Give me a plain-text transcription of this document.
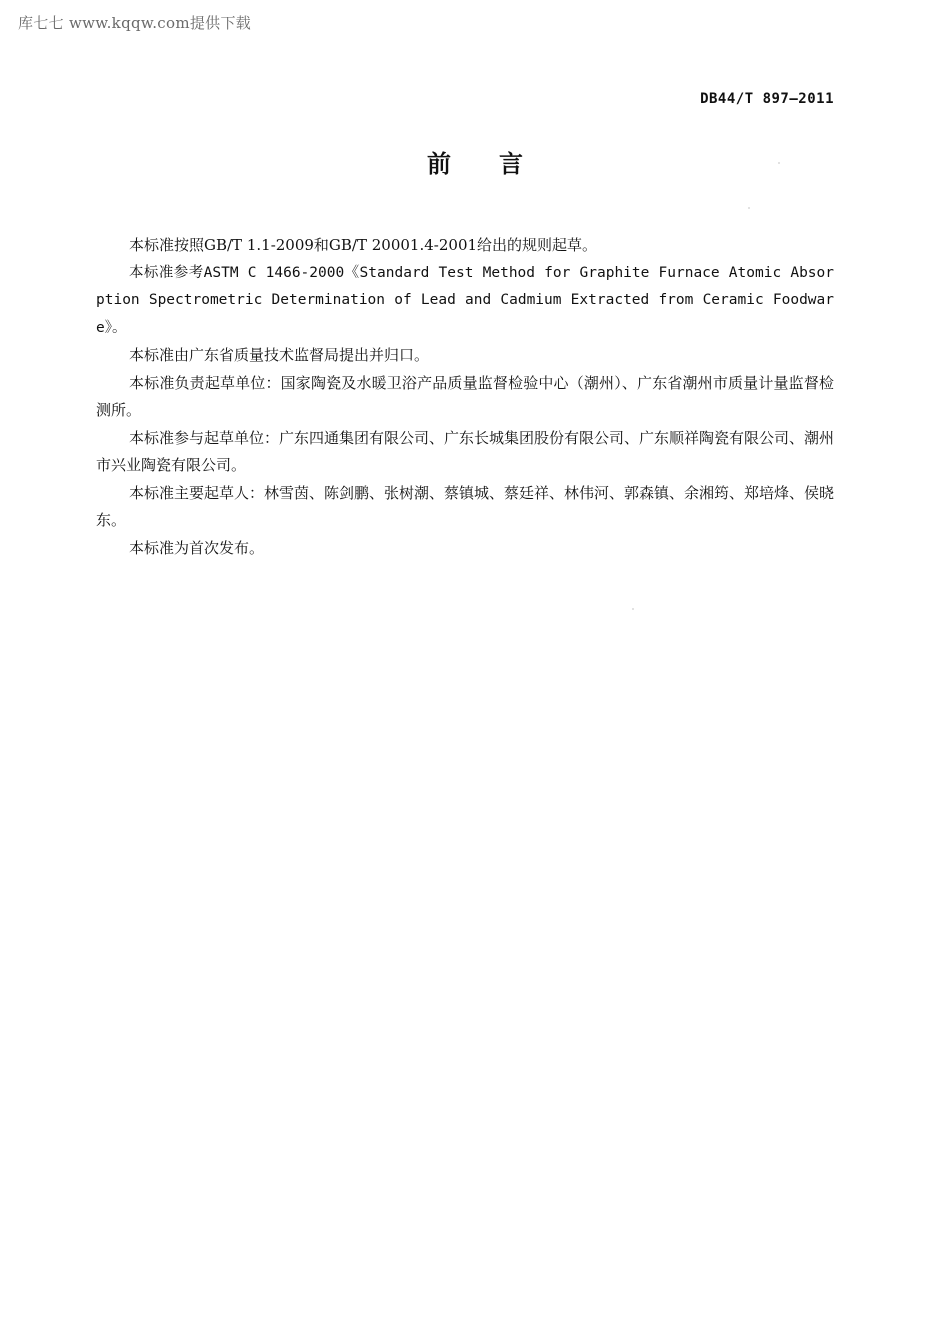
库七七 www.kqqw.com提供下载
DB44/T 897—2011
前言

本标准按照GB/T 1.1-2009和GB/T 20001.4-2001给出的规则起草。

本标准参考ASTM C 1466-2000《Standard Test Method for Graphite Furnace Atomic Absorption Spectrometric Determination of Lead and Cadmium Extracted from Ceramic Foodware》。

本标准由广东省质量技术监督局提出并归口。

本标准负责起草单位：国家陶瓷及水暖卫浴产品质量监督检验中心（潮州）、广东省潮州市质量计量监督检测所。

本标准参与起草单位：广东四通集团有限公司、广东长城集团股份有限公司、广东顺祥陶瓷有限公司、潮州市兴业陶瓷有限公司。

本标准主要起草人：林雪茵、陈剑鹏、张树潮、蔡镇城、蔡廷祥、林伟河、郭森镇、余湘筠、郑培烽、侯晓东。

本标准为首次发布。
